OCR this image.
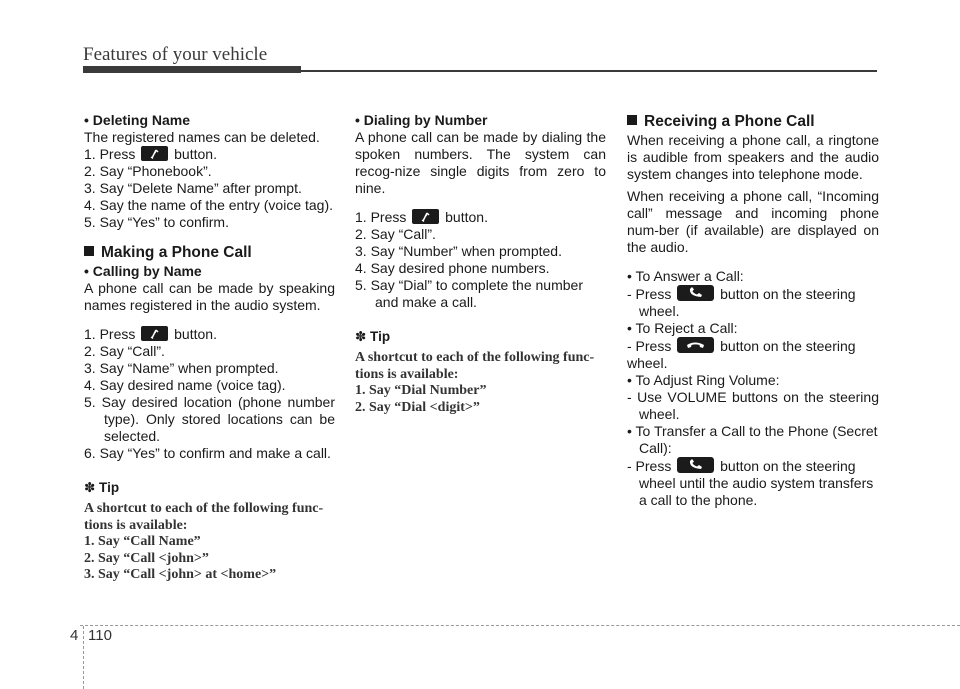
Features of your vehicle

• Deleting Name

The registered names can be deleted.

1. Press	button.

2. Say “Phonebook”.

3. Say “Delete Name” after prompt.

4. Say the name of the entry (voice tag).

5. Say “Yes” to confirm.

Making a Phone Call

• Calling by Name

A phone call can be made by speaking names registered in the audio system.

1. Press	button.

2. Say “Call”.

3. Say “Name” when prompted.

4. Say desired name (voice tag).

5. Say desired location (phone number type). Only stored locations can be selected.

6. Say “Yes” to confirm and make a call.

✽ Tip

A shortcut to each of the following func-tions is available:

1. Say “Call Name”

2. Say “Call <john>”

3. Say “Call <john> at <home>”

• Dialing by Number

A phone call can be made by dialing the spoken numbers. The system can recog-nize single digits from zero to nine.

1. Press	button.

2. Say “Call”.

3. Say “Number” when prompted.

4. Say desired phone numbers.

5. Say “Dial” to complete the number and make a call.

✽ Tip

A shortcut to each of the following func-tions is available:

1. Say “Dial Number”

2. Say “Dial <digit>”

Receiving a Phone Call

When receiving a phone call, a ringtone is audible from speakers and the audio system changes into telephone mode.

When receiving a phone call, “Incoming call” message and incoming phone num-ber (if available) are displayed on the audio.

• To Answer a Call:

- Press	button on the steering wheel.

• To Reject a Call:

- Press	button on the steering wheel.

• To Adjust Ring Volume:

- Use VOLUME buttons on the steering wheel.

• To Transfer a Call to the Phone (Secret Call):

- Press	button on the steering wheel until the audio system transfers a call to the phone.

4 110
